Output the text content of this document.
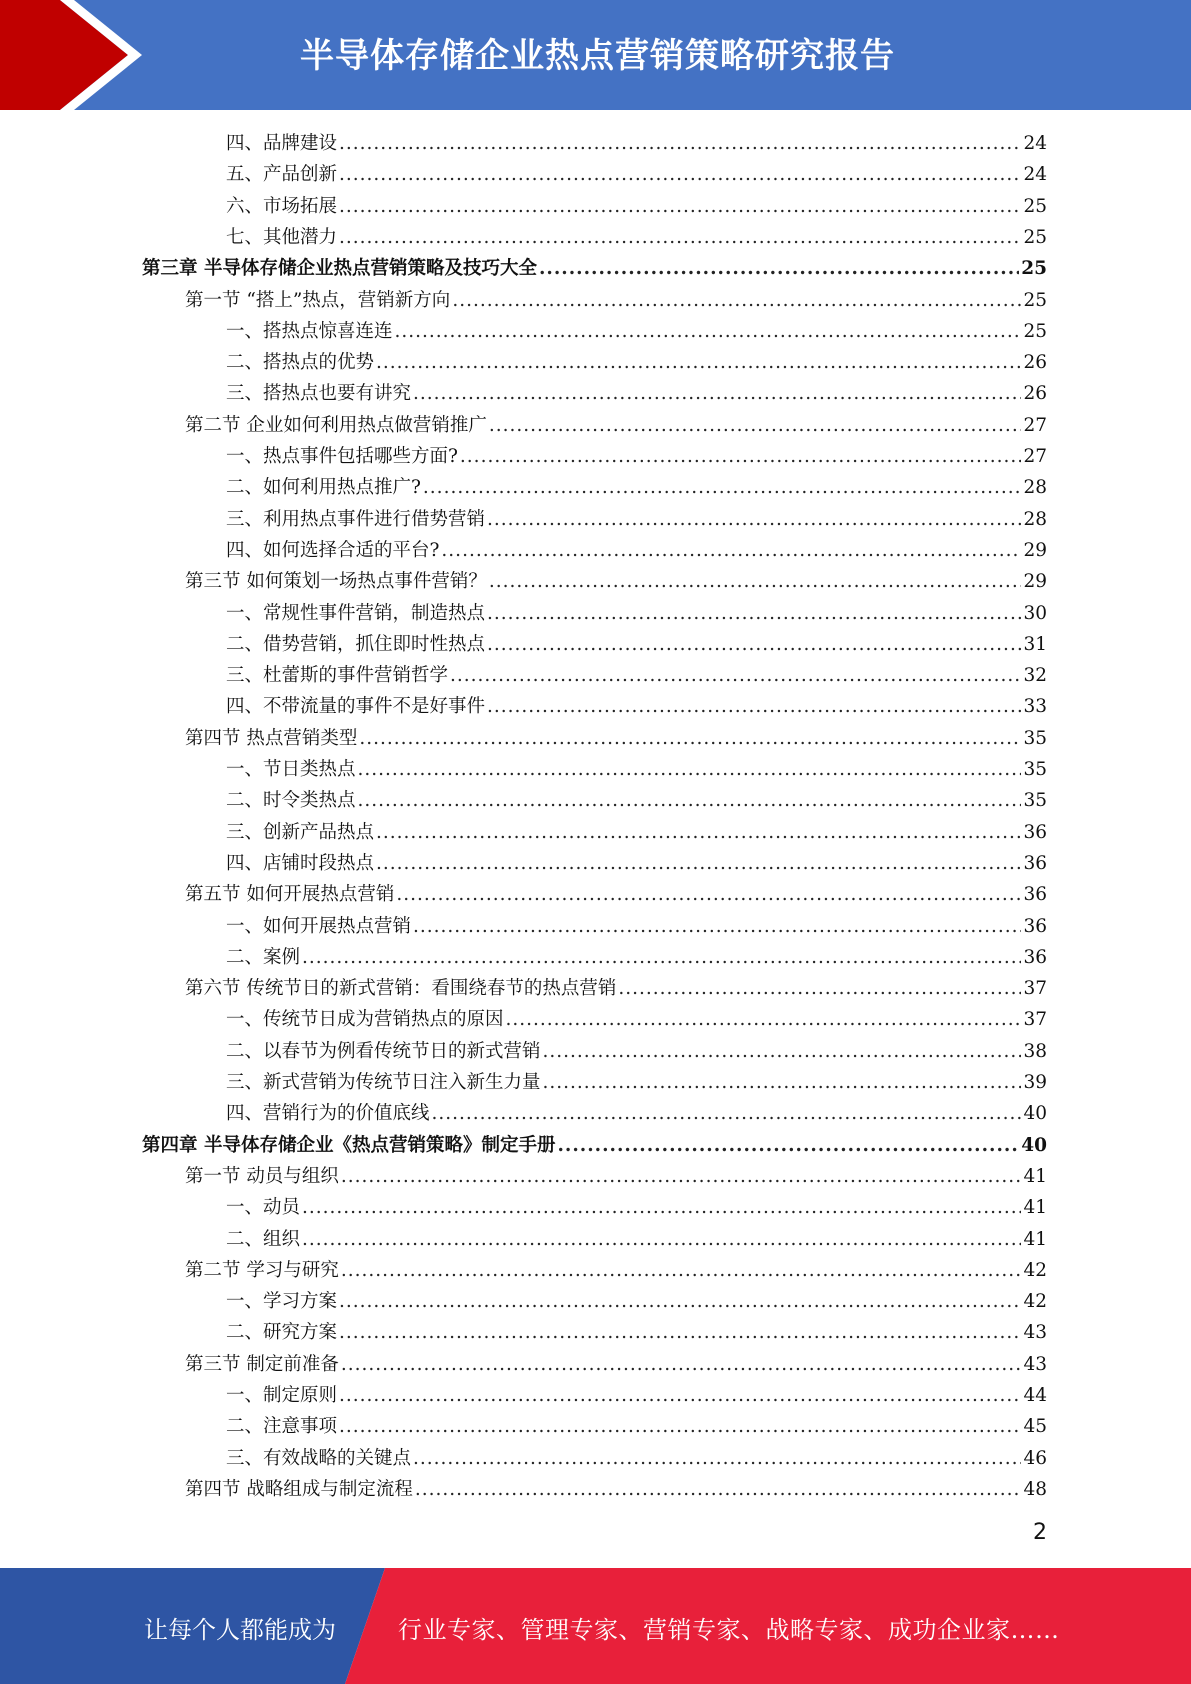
半导体存储企业热点营销策略研究报告
四、品牌建设 .....	24
五、产品创新 .....	24
六、市场拓展 .....	25
七、其他潜力 .....	25
第三章 半导体存储企业热点营销策略及技巧大全 .....	25
第一节 “搭上”热点，营销新方向 .....	25
一、搭热点惊喜连连 .....	25
二、搭热点的优势 .....	26
三、搭热点也要有讲究 .....	26
第二节 企业如何利用热点做营销推广 .....	27
一、热点事件包括哪些方面? .....	27
二、如何利用热点推广? .....	28
三、利用热点事件进行借势营销 .....	28
四、如何选择合适的平台? .....	29
第三节 如何策划一场热点事件营销？ .....	29
一、常规性事件营销，制造热点 .....	30
二、借势营销，抓住即时性热点 .....	31
三、杜蕾斯的事件营销哲学 .....	32
四、不带流量的事件不是好事件 .....	33
第四节 热点营销类型 .....	35
一、节日类热点 .....	35
二、时令类热点 .....	35
三、创新产品热点 .....	36
四、店铺时段热点 .....	36
第五节 如何开展热点营销 .....	36
一、如何开展热点营销 .....	36
二、案例 .....	36
第六节 传统节日的新式营销：看围绕春节的热点营销 .....	37
一、传统节日成为营销热点的原因 .....	37
二、以春节为例看传统节日的新式营销 .....	38
三、新式营销为传统节日注入新生力量 .....	39
四、营销行为的价值底线 .....	40
第四章 半导体存储企业《热点营销策略》制定手册 .....	40
第一节 动员与组织 .....	41
一、动员 .....	41
二、组织 .....	41
第二节 学习与研究 .....	42
一、学习方案 .....	42
二、研究方案 .....	43
第三节 制定前准备 .....	43
一、制定原则 .....	44
二、注意事项 .....	45
三、有效战略的关键点 .....	46
第四节 战略组成与制定流程 .....	48
2
让每个人都能成为	行业专家、管理专家、营销专家、战略专家、成功企业家……
